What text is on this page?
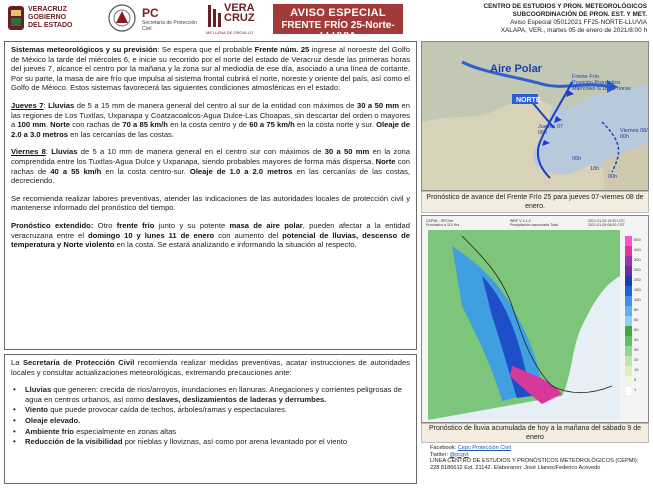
VERACRUZ
GOBIERNO
DEL ESTADO
PC
Secretaría de Protección Civil
VERA
CRUZ
ME LLENA DE ORGULLO
AVISO ESPECIAL
FRENTE FRÍO 25-Norte-LLUVIA
CENTRO DE ESTUDIOS Y PRON. METEOROLÓGICOS
SUBCOORDINACIÓN DE PRON. EST. Y MET.
Aviso Especial 05012021 FF25-NORTE-LLUVIA
XALAPA, VER., martes 05 de enero de 2021/8:00 h

Sistemas meteorológicos y su previsión: Se espera que el probable Frente núm. 25 ingrese al noroeste del Golfo de México la tarde del miércoles 6, e inicie su recorrido por el norte del estado de Veracruz desde las primeras horas del jueves 7, alcance el centro por la mañana y la zona sur al mediodía de ese día, asociado a una línea de cortante. Por su parte, la masa de aire frío que impulsa al sistema frontal cubrirá el norte, noreste y oriente del país, así como el Golfo de México. Estos sistemas favorecerá las siguientes condiciones atmosféricas en el estado:

Jueves 7: Lluvias de 5 a 15 mm de manera general del centro al sur de la entidad con máximos de 30 a 50 mm en las regiones de Los Tuxtlas, Uxpanapa y Coatzacoalcos-Agua Dulce-Las Choapas, sin descartar del orden o mayores a 100 mm. Norte con rachas de 70 a 85 km/h en la costa centro y de 60 a 75 km/h en la costa norte y sur. Oleaje de 2.0 a 3.0 metros en las cercanías de las costas.

Viernes 8: Lluvias de 5 a 10 mm de manera general en el centro sur con máximos de 30 a 50 mm en la zona comprendida entre los Tuxtlas-Agua Dulce y Uxpanapa, siendo probables mayores de forma más dispersa. Norte con rachas de 40 a 55 km/h en la costa centro-sur. Oleaje de 1.0 a 2.0 metros en las cercanías de las costas, decreciendo.

Se recomienda realizar labores preventivas, atender las indicaciones de las autoridades locales de protección civil y mantenerse informado del pronóstico del tiempo.

Pronóstico extendido: Otro frente frío junto y su potente masa de aire polar, pueden afectar a la entidad veracruzana entre el domingo 10 y lunes 11 de enero con aumento del potencial de lluvias, descenso de temperatura y Norte violento en la costa. Se estará analizando e informando la situación al respecto.

La Secretaría de Protección Civil recomienda realizar medidas preventivas, acatar instrucciones de autoridades locales y consultar actualizaciones meteorológicas, extremando precauciones ante:

• Lluvias que generen: crecida de ríos/arroyos, inundaciones en llanuras. Anegaciones y corrientes peligrosas de agua en centros urbanos, así como deslaves, deslizamientos de laderas y derrumbes.
• Viento que puede provocar caída de techos, árboles/ramas y espectaculares.
• Oleaje elevado.
• Ambiente frío especialmente en zonas altas
• Reducción de la visibilidad por nieblas y lloviznas, así como por arena levantado por el viento
Aire Polar
Frente Frío Posición Pronóstico Miércoles 6/18:00 horas
NORTE
Jueves 07 06h	Viernes 08/ 00h
06h
18h
00h
Pronóstico de avance del Frente Frío 25 para jueves 07-viernes 08 de enero.
CEPMI - SPCVer Pronóstico a 110 Hrs
WRF V 4.1.4 Precipitación acumulada Total
2021-01-09 14:30 UTC 2021-01-09 08:00 CST
500
400
300
250
200
150
100
80
60
50
40
30
20
10
5
1
Pronóstico de lluvia acumulada de hoy a la mañana del sábado 9 de enero
Facebook: Cepc Protección Civil
Twitter: @pcgvt
LÍNEA CENTRO DE ESTUDIOS Y PRONÓSTICOS METEOROLÓGICOS (CEPMI):
228 8186612 Ext. 21142. Elaboraron: José Llanos/Federico Acevedo
